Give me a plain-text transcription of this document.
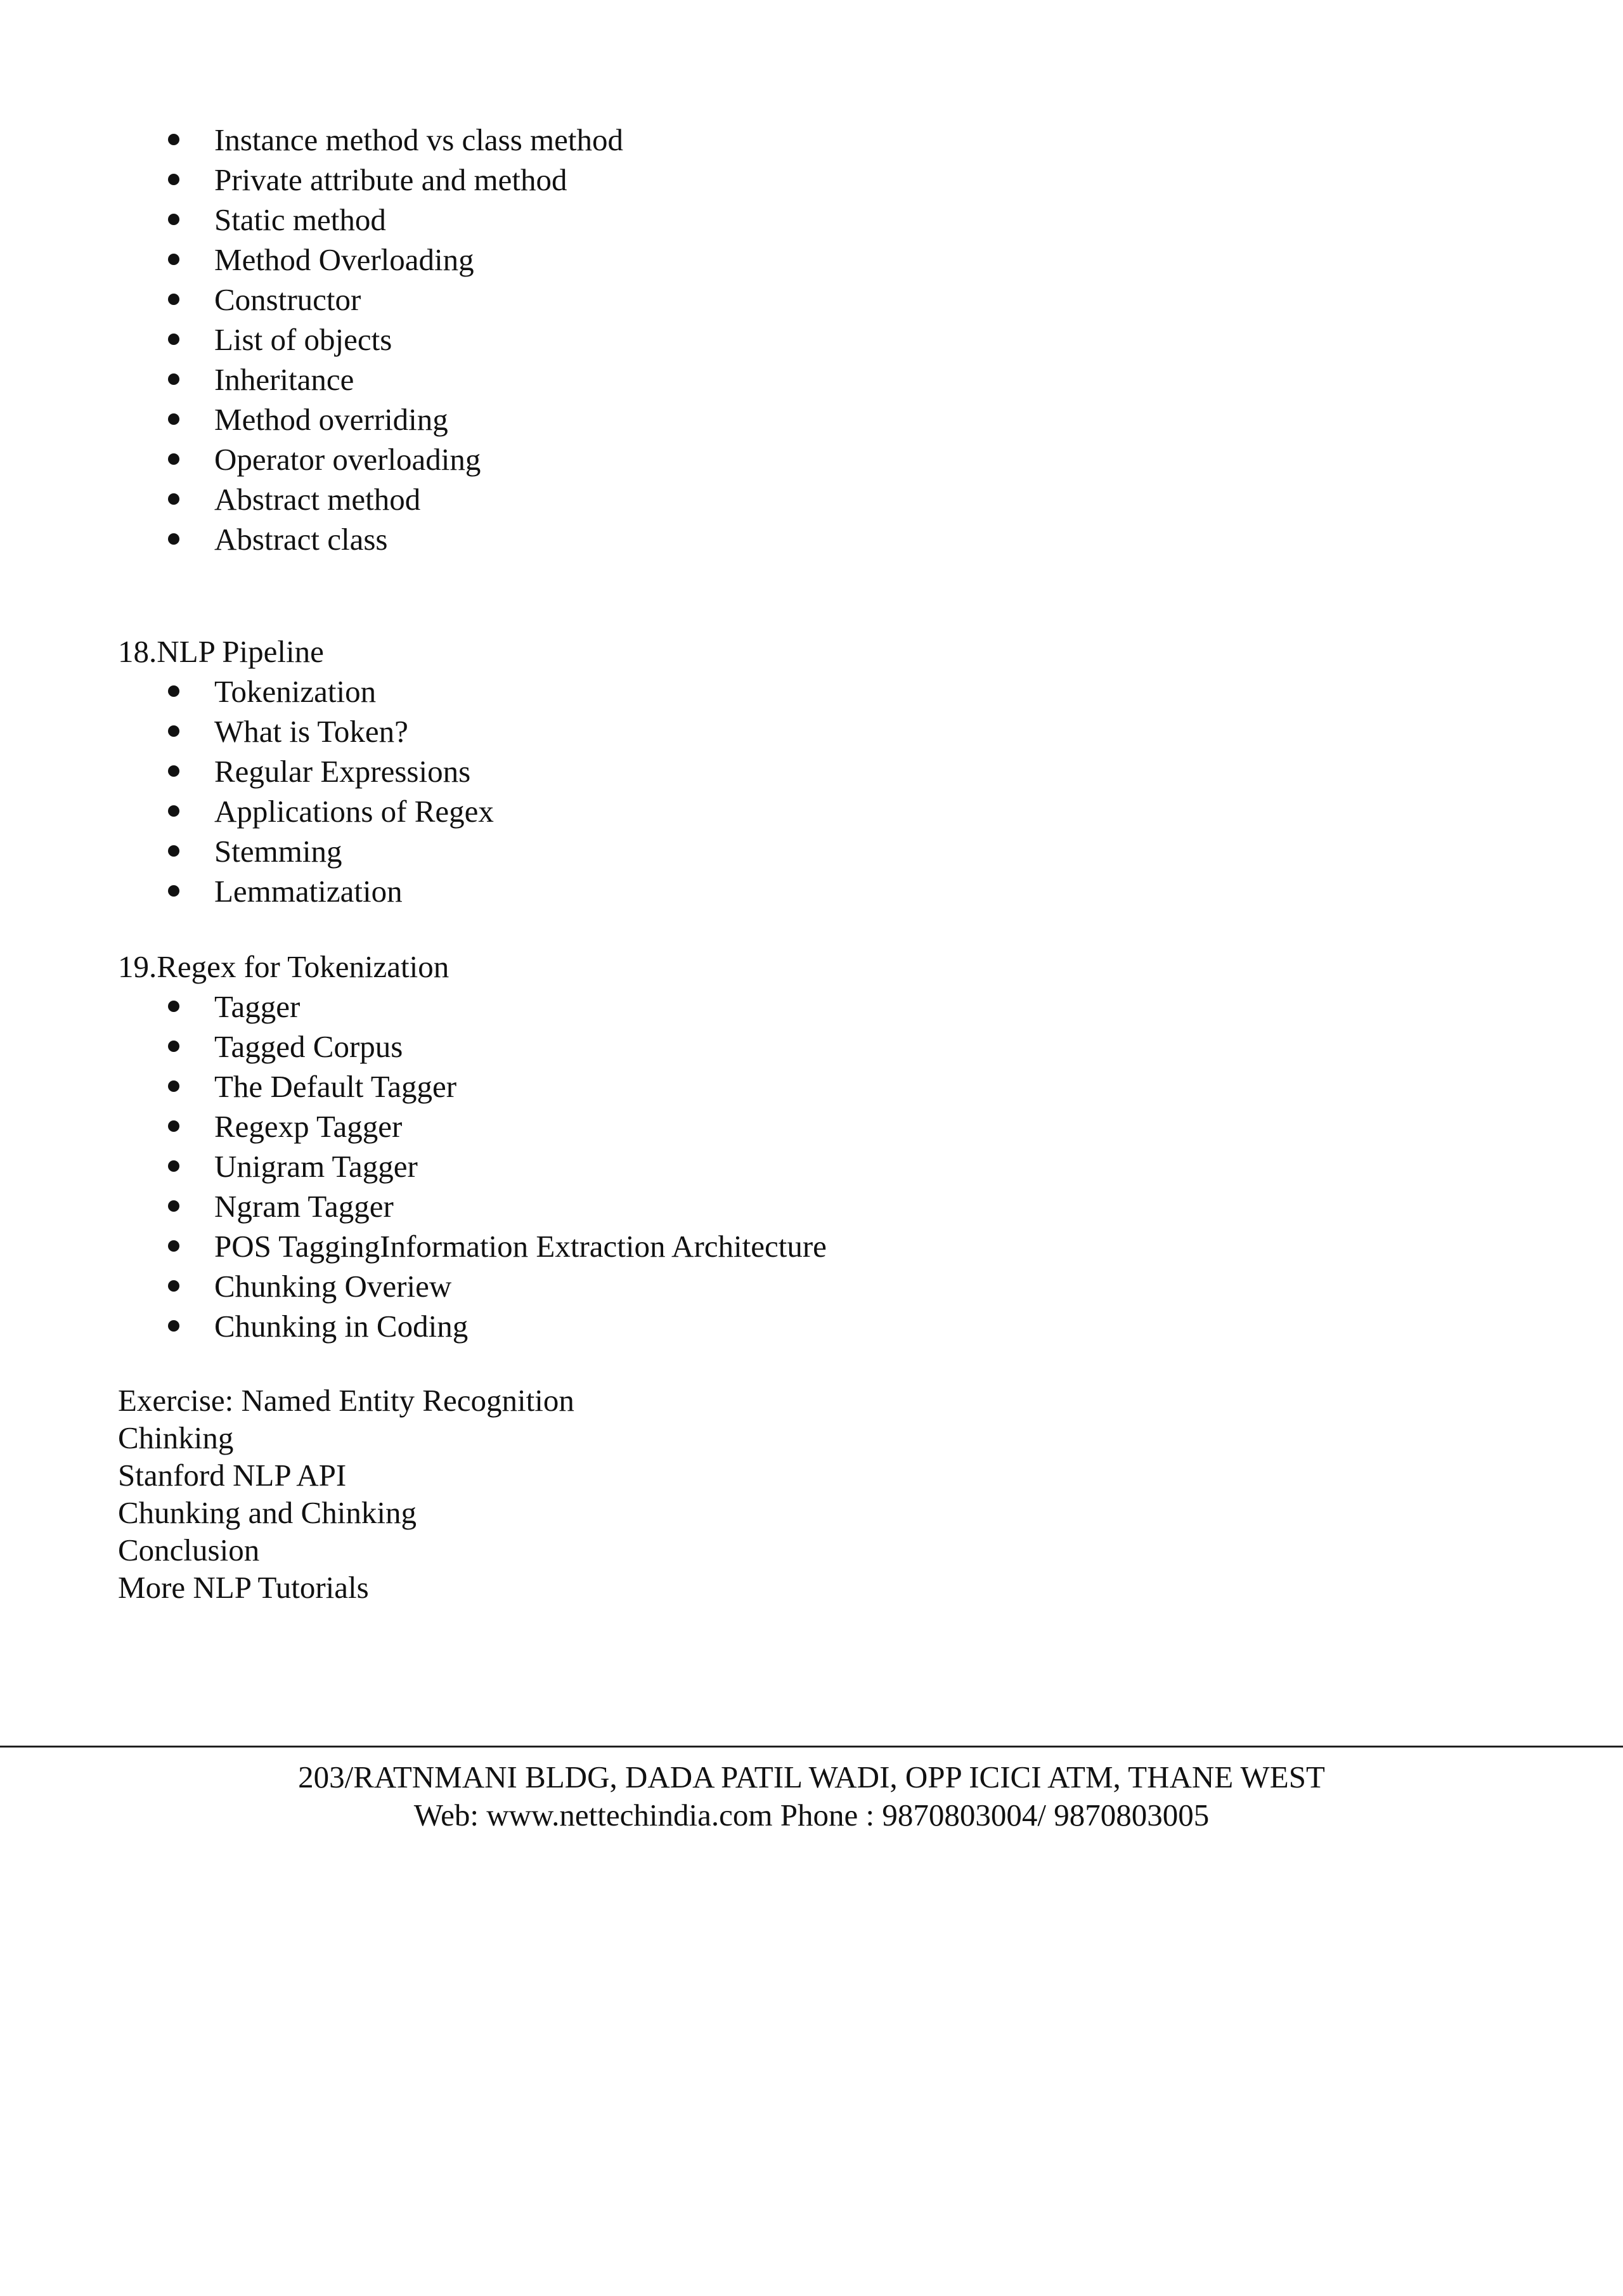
Instance method vs class method
Private attribute and method
Static method
Method Overloading
Constructor
List of objects
Inheritance
Method overriding
Operator overloading
Abstract method
Abstract class
18.NLP Pipeline
Tokenization
What is Token?
Regular Expressions
Applications of Regex
Stemming
Lemmatization
19.Regex for Tokenization
Tagger
Tagged Corpus
The Default Tagger
Regexp Tagger
Unigram Tagger
Ngram Tagger
POS TaggingInformation Extraction Architecture
Chunking Overiew
Chunking in Coding
Exercise: Named Entity Recognition
Chinking
Stanford NLP API
Chunking and Chinking
Conclusion
More NLP Tutorials
203/RATNMANI BLDG, DADA PATIL WADI, OPP ICICI ATM, THANE WEST
Web: www.nettechindia.com Phone : 9870803004/ 9870803005
